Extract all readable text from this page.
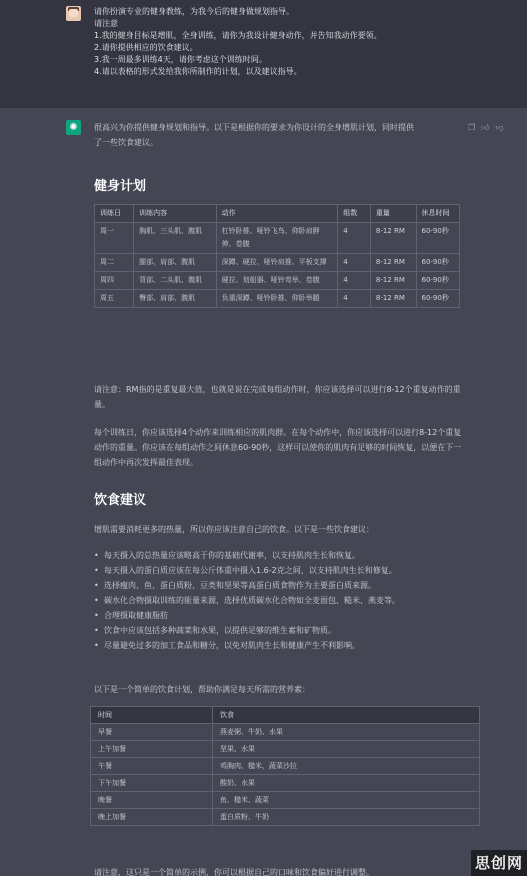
请你扮演专业的健身教练，为我今后的健身做规划指导。
请注意
1.我的健身目标是增肌，全身训练，请你为我设计健身动作，并告知我动作要领。
2.请你提供相应的饮食建议。
3.我一周最多训练4天，请你考虑这个训练时间。
4.请以表格的形式发给我你所制作的计划，以及建议指导。
✺	❐ 👍︎ 👎︎
很高兴为你提供健身规划和指导。以下是根据你的要求为你设计的全身增肌计划，同时提供
了一些饮食建议。
健身计划
训练日	训练内容	动作	组数	重量	休息时间
周一	胸肌、三头肌、腹肌	杠铃卧推、哑铃飞鸟、仰卧肩胛伸、卷腹	4	8-12 RM	60-90秒
周二	腿部、肩部、腹肌	深蹲、硬拉、哑铃肩推、平板支撑	4	8-12 RM	60-90秒
周四	背部、二头肌、腹肌	硬拉、划船器、哑铃弯举、卷腹	4	8-12 RM	60-90秒
周五	臀部、肩部、腹肌	负重深蹲、哑铃卧推、仰卧举腿	4	8-12 RM	60-90秒

请注意：RM指的是重复最大值，也就是说在完成每组动作时，你应该选择可以进行8-12个重复动作的重量。

每个训练日，你应该选择4个动作来训练相应的肌肉群。在每个动作中，你应该选择可以进行8-12个重复动作的重量。你应该在每组动作之间休息60-90秒，这样可以使你的肌肉有足够的时间恢复，以便在下一组动作中再次发挥最佳表现。

饮食建议

增肌需要消耗更多的热量，所以你应该注意自己的饮食。以下是一些饮食建议：

• 每天摄入的总热量应该略高于你的基础代谢率，以支持肌肉生长和恢复。
• 每天摄入的蛋白质应该在每公斤体重中摄入1.6-2克之间，以支持肌肉生长和修复。
• 选择瘦肉、鱼、蛋白质粉、豆类和坚果等高蛋白质食物作为主要蛋白质来源。
• 碳水化合物摄取训练的能量来源，选择优质碳水化合物如全麦面包、糙米、燕麦等。
• 合理摄取健康脂肪
• 饮食中应该包括多种蔬菜和水果，以提供足够的维生素和矿物质。
• 尽量避免过多的加工食品和糖分，以免对肌肉生长和健康产生不利影响。

以下是一个简单的饮食计划，帮助你满足每天所需的营养素：

时间	饮食
早餐	燕麦粥、牛奶、水果
上午加餐	坚果、水果
午餐	鸡胸肉、糙米、蔬菜沙拉
下午加餐	酸奶、水果
晚餐	鱼、糙米、蔬菜
晚上加餐	蛋白质粉、牛奶

请注意，这只是一个简单的示例，你可以根据自己的口味和饮食偏好进行调整。

思创网
